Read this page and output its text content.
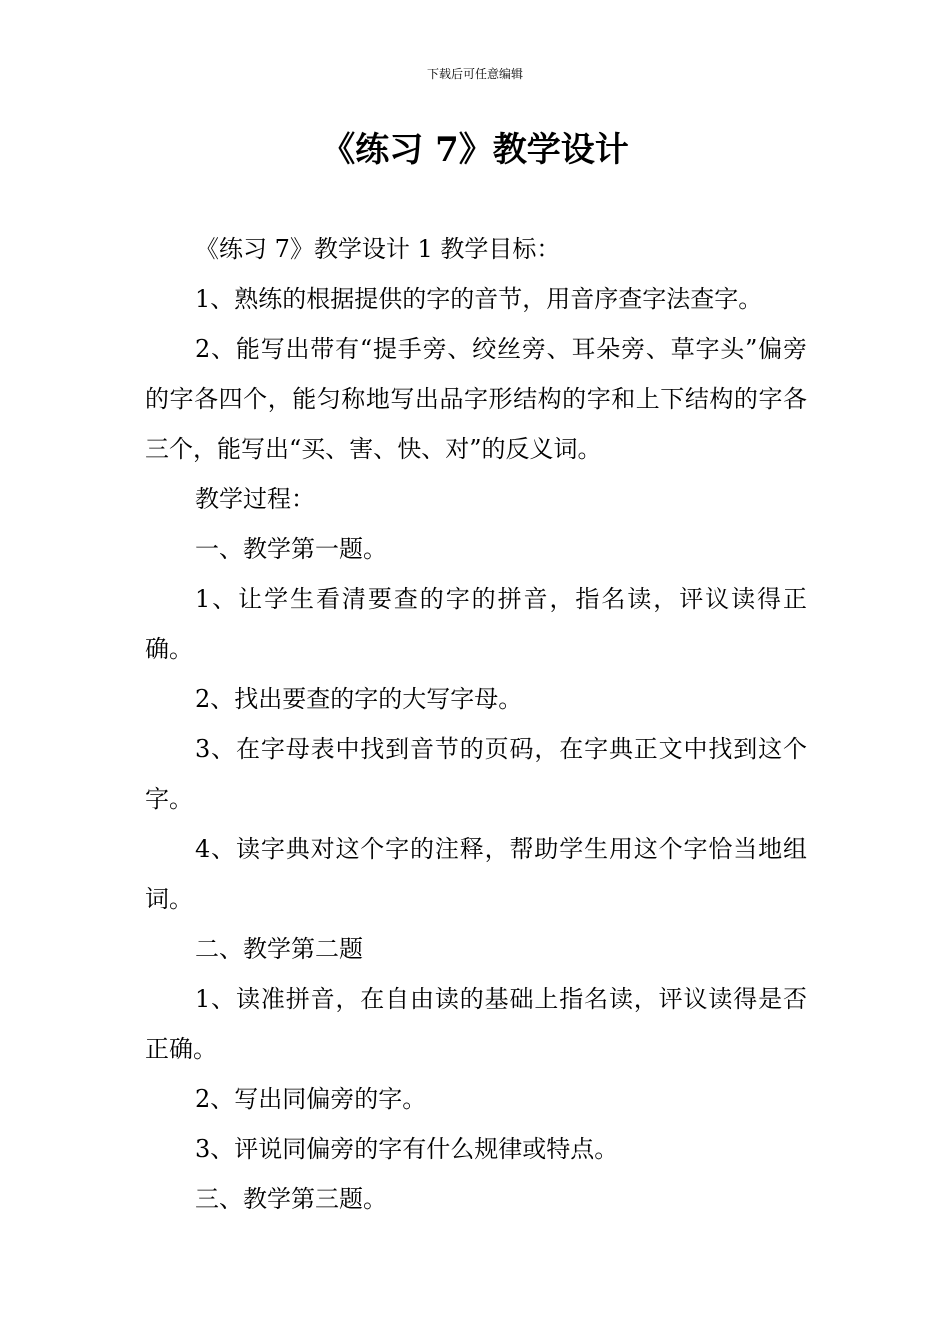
下载后可任意编辑
《练习 7》教学设计

《练习 7》教学设计 1 教学目标：

1、熟练的根据提供的字的音节，用音序查字法查字。

2、能写出带有“提手旁、绞丝旁、耳朵旁、草字头”偏旁的字各四个，能匀称地写出品字形结构的字和上下结构的字各三个，能写出“买、害、快、对”的反义词。

教学过程：

一、教学第一题。

1、让学生看清要查的字的拼音，指名读，评议读得正确。

2、找出要查的字的大写字母。

3、在字母表中找到音节的页码，在字典正文中找到这个字。

4、读字典对这个字的注释，帮助学生用这个字恰当地组词。

二、教学第二题

1、读准拼音，在自由读的基础上指名读，评议读得是否正确。

2、写出同偏旁的字。

3、评说同偏旁的字有什么规律或特点。

三、教学第三题。
